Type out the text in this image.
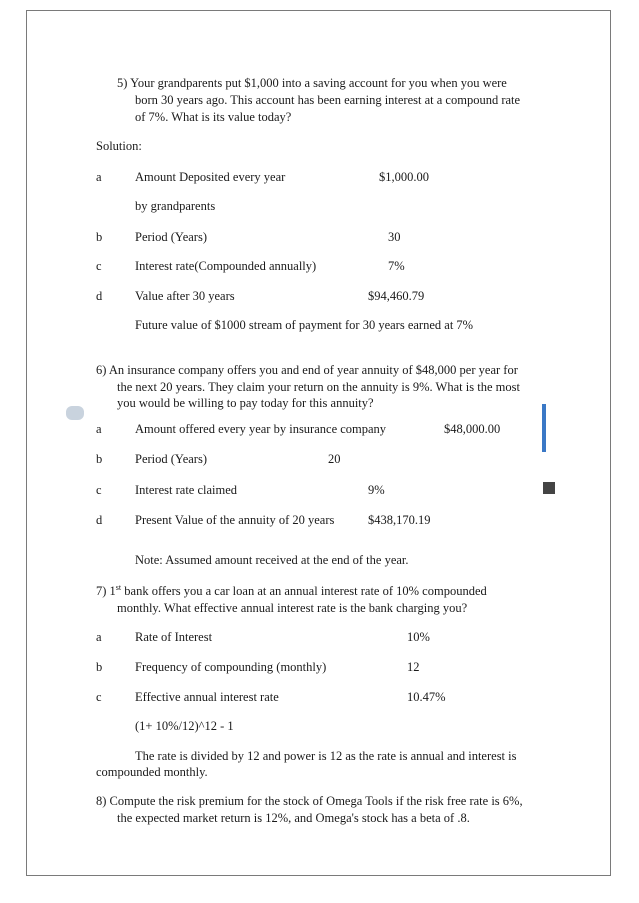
5) Your grandparents put $1,000 into a saving account for you when you were
born 30 years ago. This account has been earning interest at a compound rate
of 7%. What is its value today?
Solution:
a	Amount Deposited every year	$1,000.00
by grandparents
b	Period (Years)	30
c	Interest rate(Compounded annually)	7%
d	Value after 30 years	$94,460.79
Future value of $1000 stream of payment for 30 years earned at 7%
6) An insurance company offers you and end of year annuity of $48,000 per year for
the next 20 years. They claim your return on the annuity is 9%. What is the most
you would be willing to pay today for this annuity?
a	Amount offered every year by insurance company	$48,000.00
b	Period (Years)	20
c	Interest rate claimed	9%
d	Present Value of the annuity of 20 years	$438,170.19
Note: Assumed amount received at the end of the year.
7) 1st bank offers you a car loan at an annual interest rate of 10% compounded
monthly. What effective annual interest rate is the bank charging you?
a	Rate of Interest	10%
b	Frequency of compounding (monthly)	12
c	Effective annual interest rate	10.47%
(1+ 10%/12)^12 - 1
The rate is divided by 12 and power is 12 as the rate is annual and interest is
compounded monthly.
8) Compute the risk premium for the stock of Omega Tools if the risk free rate is 6%,
the expected market return is 12%, and Omega's stock has a beta of .8.
